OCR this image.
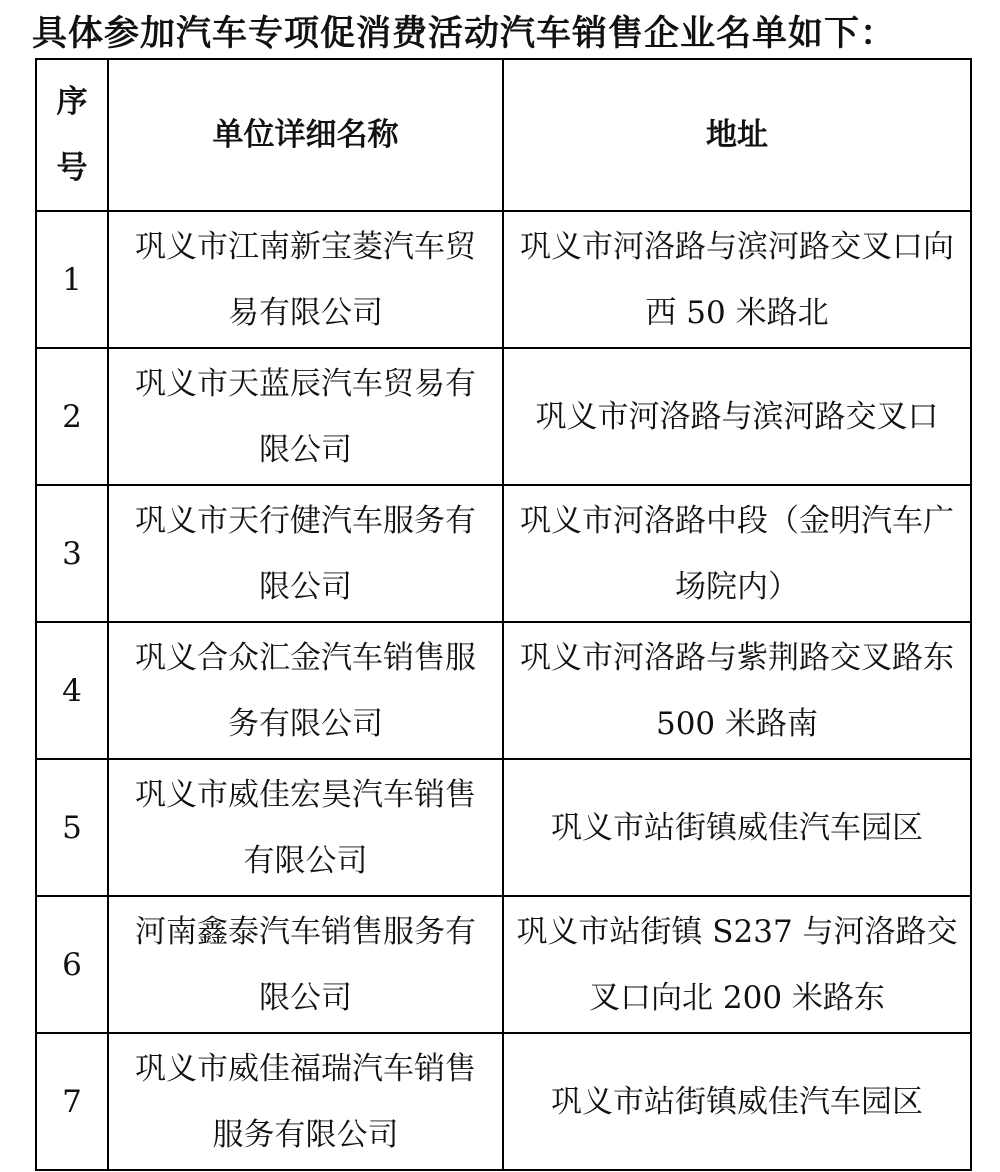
具体参加汽车专项促消费活动汽车销售企业名单如下：
序号	单位详细名称	地址
1	巩义市江南新宝菱汽车贸易有限公司	巩义市河洛路与滨河路交叉口向西 50 米路北

2	巩义市天蓝辰汽车贸易有限公司	巩义市河洛路与滨河路交叉口

3	巩义市天行健汽车服务有限公司	巩义市河洛路中段（金明汽车广场院内）

4	巩义合众汇金汽车销售服务有限公司	巩义市河洛路与紫荆路交叉路东 500 米路南

5	巩义市威佳宏昊汽车销售有限公司	巩义市站街镇威佳汽车园区

6	河南鑫泰汽车销售服务有限公司	巩义市站街镇 S237 与河洛路交叉口向北 200 米路东

7	巩义市威佳福瑞汽车销售服务有限公司	巩义市站街镇威佳汽车园区
